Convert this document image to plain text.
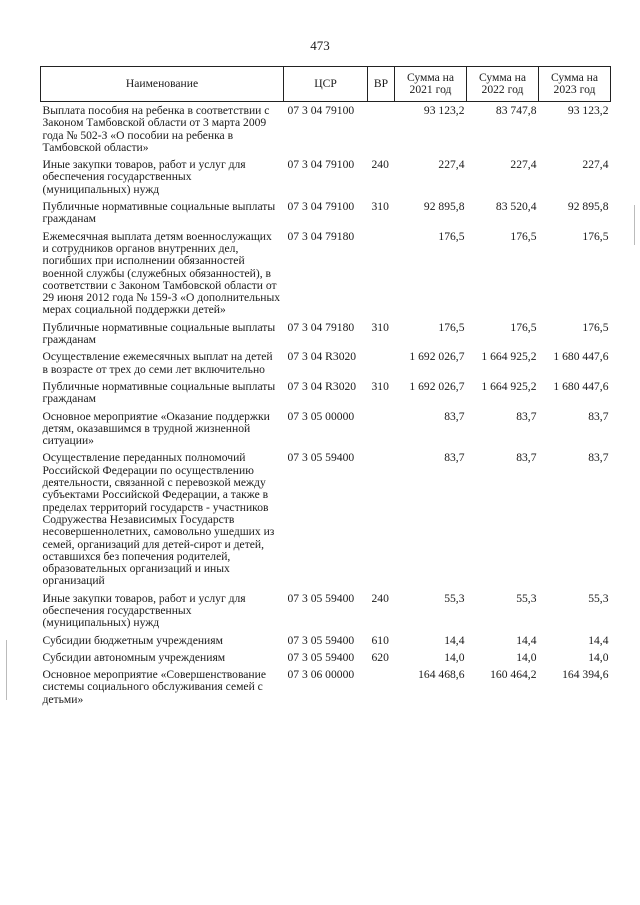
473
Наименование	ЦСР	ВР	Сумма на 2021 год	Сумма на 2022 год	Сумма на 2023 год
Выплата пособия на ребенка в соответствии с Законом Тамбовской области от 3 марта 2009 года № 502-З «О пособии на ребенка в Тамбовской области»	07 3 04 79100		93 123,2	83 747,8	93 123,2
Иные закупки товаров, работ и услуг для обеспечения государственных (муниципальных) нужд	07 3 04 79100	240	227,4	227,4	227,4
Публичные нормативные социальные выплаты гражданам	07 3 04 79100	310	92 895,8	83 520,4	92 895,8
Ежемесячная выплата детям военнослужащих и сотрудников органов внутренних дел, погибших при исполнении обязанностей военной службы (служебных обязанностей), в соответствии с Законом Тамбовской области от 29 июня 2012 года № 159-З «О дополнительных мерах социальной поддержки детей»	07 3 04 79180		176,5	176,5	176,5
Публичные нормативные социальные выплаты гражданам	07 3 04 79180	310	176,5	176,5	176,5
Осуществление ежемесячных выплат на детей в возрасте от трех до семи лет включительно	07 3 04 R3020		1 692 026,7	1 664 925,2	1 680 447,6
Публичные нормативные социальные выплаты гражданам	07 3 04 R3020	310	1 692 026,7	1 664 925,2	1 680 447,6
Основное мероприятие «Оказание поддержки детям, оказавшимся в трудной жизненной ситуации»	07 3 05 00000		83,7	83,7	83,7
Осуществление переданных полномочий Российской Федерации по осуществлению деятельности, связанной с перевозкой между субъектами Российской Федерации, а также в пределах территорий государств - участников Содружества Независимых Государств несовершеннолетних, самовольно ушедших из семей, организаций для детей-сирот и детей, оставшихся без попечения родителей, образовательных организаций и иных организаций	07 3 05 59400		83,7	83,7	83,7
Иные закупки товаров, работ и услуг для обеспечения государственных (муниципальных) нужд	07 3 05 59400	240	55,3	55,3	55,3
Субсидии бюджетным учреждениям	07 3 05 59400	610	14,4	14,4	14,4
Субсидии автономным учреждениям	07 3 05 59400	620	14,0	14,0	14,0
Основное мероприятие «Совершенствование системы социального обслуживания семей с детьми»	07 3 06 00000		164 468,6	160 464,2	164 394,6
